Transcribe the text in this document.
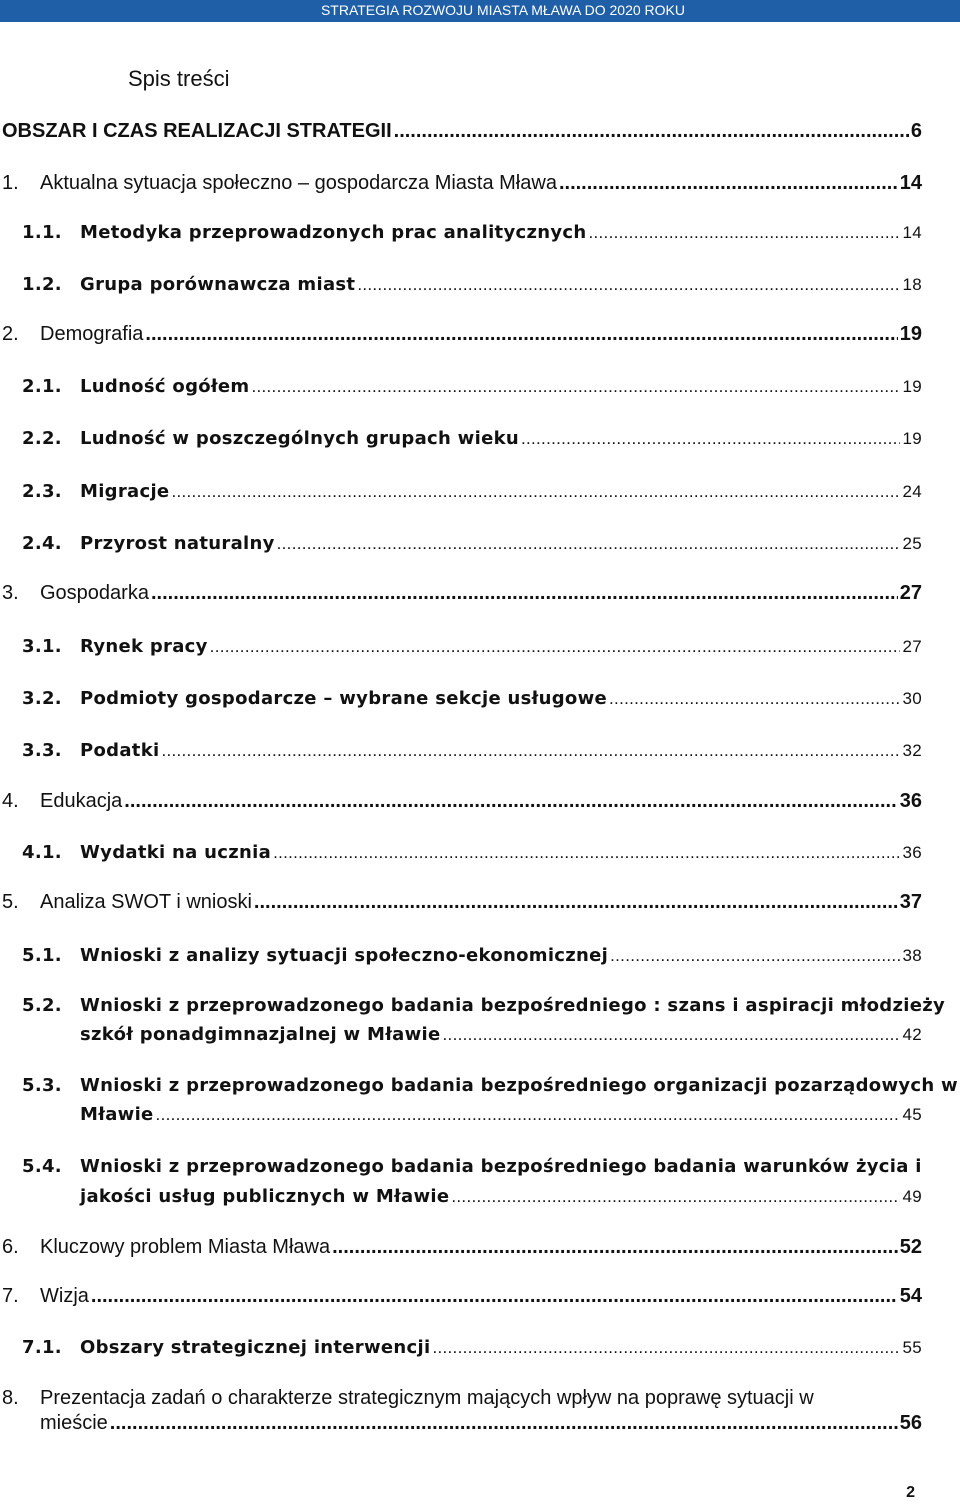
STRATEGIA ROZWOJU MIASTA MŁAWA DO 2020 ROKU
Spis treści
OBSZAR I CZAS REALIZACJI STRATEGII .....	6
1. Aktualna sytuacja społeczno – gospodarcza Miasta Mława .....	14
1.1. Metodyka przeprowadzonych prac analitycznych .....	14
1.2. Grupa porównawcza miast .....	18
2. Demografia .....	19
2.1. Ludność ogółem .....	19
2.2. Ludność w poszczególnych grupach wieku .....	19
2.3. Migracje .....	24
2.4. Przyrost naturalny .....	25
3. Gospodarka .....	27
3.1. Rynek pracy .....	27
3.2. Podmioty gospodarcze – wybrane sekcje usługowe .....	30
3.3. Podatki .....	32
4. Edukacja .....	36
4.1. Wydatki na ucznia .....	36
5. Analiza SWOT i wnioski .....	37
5.1. Wnioski z analizy sytuacji społeczno-ekonomicznej .....	38
5.2. Wnioski z przeprowadzonego badania bezpośredniego : szans i aspiracji młodzieży
szkół ponadgimnazjalnej w Mławie .....	42
5.3. Wnioski z przeprowadzonego badania bezpośredniego organizacji pozarządowych w
Mławie .....	45
5.4. Wnioski z przeprowadzonego badania bezpośredniego badania warunków życia i
jakości usług publicznych w Mławie .....	49
6. Kluczowy problem Miasta Mława .....	52
7. Wizja .....	54
7.1. Obszary strategicznej interwencji .....	55
8. Prezentacja zadań o charakterze strategicznym mających wpływ na poprawę sytuacji w
mieście .....	56
2
